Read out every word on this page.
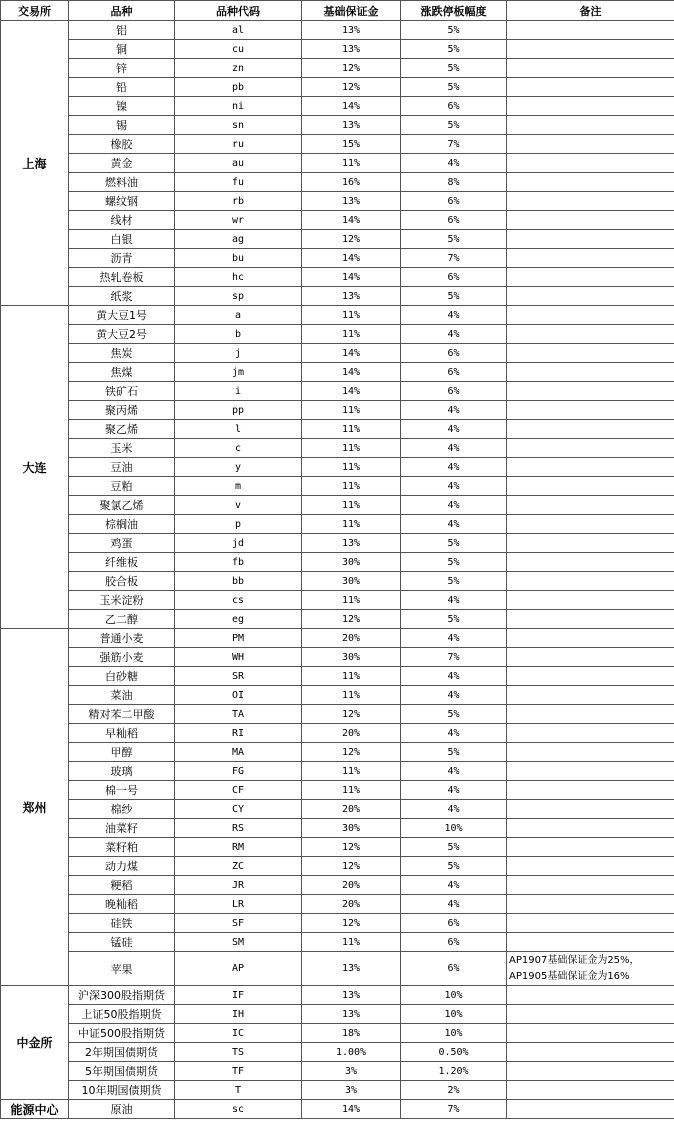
交易所	品种	品种代码	基础保证金	涨跌停板幅度	备注
上海	铝	al	13%	5%	
	铜	cu	13%	5%	
	锌	zn	12%	5%	
	铅	pb	12%	5%	
	镍	ni	14%	6%	
	锡	sn	13%	5%	
	橡胶	ru	15%	7%	
	黄金	au	11%	4%	
	燃料油	fu	16%	8%	
	螺纹钢	rb	13%	6%	
	线材	wr	14%	6%	
	白银	ag	12%	5%	
	沥青	bu	14%	7%	
	热轧卷板	hc	14%	6%	
	纸浆	sp	13%	5%	
大连	黄大豆1号	a	11%	4%	
	黄大豆2号	b	11%	4%	
	焦炭	j	14%	6%	
	焦煤	jm	14%	6%	
	铁矿石	i	14%	6%	
	聚丙烯	pp	11%	4%	
	聚乙烯	l	11%	4%	
	玉米	c	11%	4%	
	豆油	y	11%	4%	
	豆粕	m	11%	4%	
	聚氯乙烯	v	11%	4%	
	棕榈油	p	11%	4%	
	鸡蛋	jd	13%	5%	
	纤维板	fb	30%	5%	
	胶合板	bb	30%	5%	
	玉米淀粉	cs	11%	4%	
	乙二醇	eg	12%	5%	
郑州	普通小麦	PM	20%	4%	
	强筋小麦	WH	30%	7%	
	白砂糖	SR	11%	4%	
	菜油	OI	11%	4%	
	精对苯二甲酸	TA	12%	5%	
	早籼稻	RI	20%	4%	
	甲醇	MA	12%	5%	
	玻璃	FG	11%	4%	
	棉一号	CF	11%	4%	
	棉纱	CY	20%	4%	
	油菜籽	RS	30%	10%	
	菜籽粕	RM	12%	5%	
	动力煤	ZC	12%	5%	
	粳稻	JR	20%	4%	
	晚籼稻	LR	20%	4%	
	硅铁	SF	12%	6%	
	锰硅	SM	11%	6%	
	苹果	AP	13%	6%	AP1907基础保证金为25%，AP1905基础保证金为16%
中金所	沪深300股指期货	IF	13%	10%	
	上证50股指期货	IH	13%	10%	
	中证500股指期货	IC	18%	10%	
	2年期国债期货	TS	1.00%	0.50%	
	5年期国债期货	TF	3%	1.20%	
	10年期国债期货	T	3%	2%	
能源中心	原油	sc	14%	7%	
